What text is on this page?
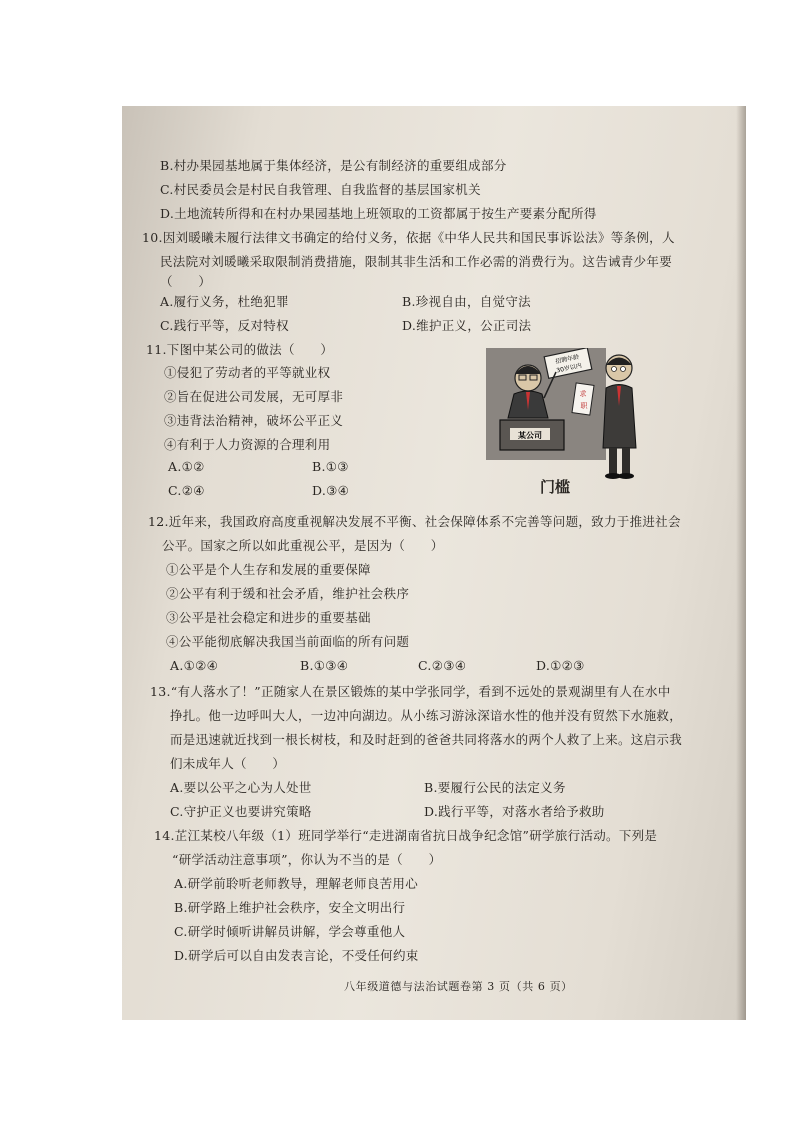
B.村办果园基地属于集体经济，是公有制经济的重要组成部分
C.村民委员会是村民自我管理、自我监督的基层国家机关
D.土地流转所得和在村办果园基地上班领取的工资都属于按生产要素分配所得
10.因刘暖曦未履行法律文书确定的给付义务，依据《中华人民共和国民事诉讼法》等条例，人
民法院对刘暖曦采取限制消费措施，限制其非生活和工作必需的消费行为。这告诫青少年要
（　　）
A.履行义务，杜绝犯罪	B.珍视自由，自觉守法
C.践行平等，反对特权	D.维护正义，公正司法
11.下图中某公司的做法（　　）
①侵犯了劳动者的平等就业权
②旨在促进公司发展，无可厚非
③违背法治精神，破坏公平正义
④有利于人力资源的合理利用
A.①②	B.①③
C.②④	D.③④
招聘年龄
30岁以内
求
职
某公司
门槛
12.近年来，我国政府高度重视解决发展不平衡、社会保障体系不完善等问题，致力于推进社会
公平。国家之所以如此重视公平，是因为（　　）
①公平是个人生存和发展的重要保障
②公平有利于缓和社会矛盾，维护社会秩序
③公平是社会稳定和进步的重要基础
④公平能彻底解决我国当前面临的所有问题
A.①②④	B.①③④	C.②③④	D.①②③
13.“有人落水了！”正随家人在景区锻炼的某中学张同学，看到不远处的景观湖里有人在水中
挣扎。他一边呼叫大人，一边冲向湖边。从小练习游泳深谙水性的他并没有贸然下水施救，
而是迅速就近找到一根长树枝，和及时赶到的爸爸共同将落水的两个人救了上来。这启示我
们未成年人（　　）
A.要以公平之心为人处世	B.要履行公民的法定义务
C.守护正义也要讲究策略	D.践行平等，对落水者给予救助
14.芷江某校八年级（1）班同学举行“走进湖南省抗日战争纪念馆”研学旅行活动。下列是
“研学活动注意事项”，你认为不当的是（　　）
A.研学前聆听老师教导，理解老师良苦用心
B.研学路上维护社会秩序，安全文明出行
C.研学时倾听讲解员讲解，学会尊重他人
D.研学后可以自由发表言论，不受任何约束
八年级道德与法治试题卷第 3 页（共 6 页）
